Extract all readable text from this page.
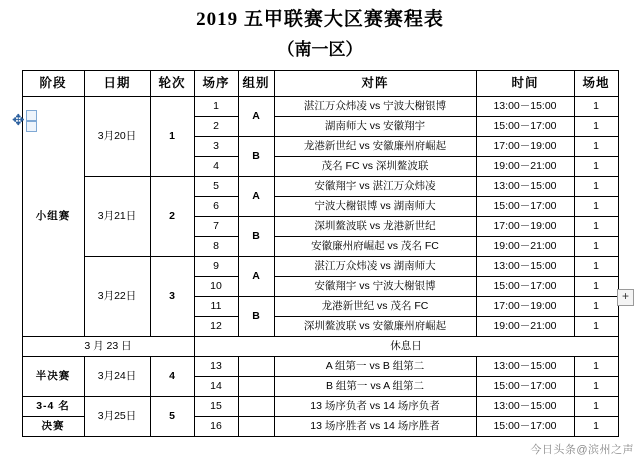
2019 五甲联赛大区赛赛程表
（南一区）
✥
+
阶段	日期	轮次	场序	组别	对阵	时间	场地
小组赛	3月20日	1	1	A	湛江万众炜凌 vs 宁波大榭银博	13:00－15:00	1
			2		湖南师大 vs 安徽翔宇	15:00－17:00	1
			3	B	龙港新世纪 vs 安徽廉州府崛起	17:00－19:00	1
			4		茂名 FC vs 深圳鳌波联	19:00－21:00	1
	3月21日	2	5	A	安徽翔宇 vs 湛江万众炜凌	13:00－15:00	1
			6		宁波大榭银博 vs 湖南师大	15:00－17:00	1
			7	B	深圳鳌波联 vs 龙港新世纪	17:00－19:00	1
			8		安徽廉州府崛起 vs 茂名 FC	19:00－21:00	1
	3月22日	3	9	A	湛江万众炜凌 vs 湖南师大	13:00－15:00	1
			10		安徽翔宇 vs 宁波大榭银博	15:00－17:00	1
			11	B	龙港新世纪 vs 茂名 FC	17:00－19:00	1
			12		深圳鳌波联 vs 安徽廉州府崛起	19:00－21:00	1
3 月 23 日			休息日				
半决赛	3月24日	4	13		A 组第一 vs B 组第二	13:00－15:00	1
			14		B 组第一 vs A 组第二	15:00－17:00	1
3-4 名	3月25日	5	15		13 场序负者 vs 14 场序负者	13:00－15:00	1
决赛			16		13 场序胜者 vs 14 场序胜者	15:00－17:00	1
今日头条@滨州之声
